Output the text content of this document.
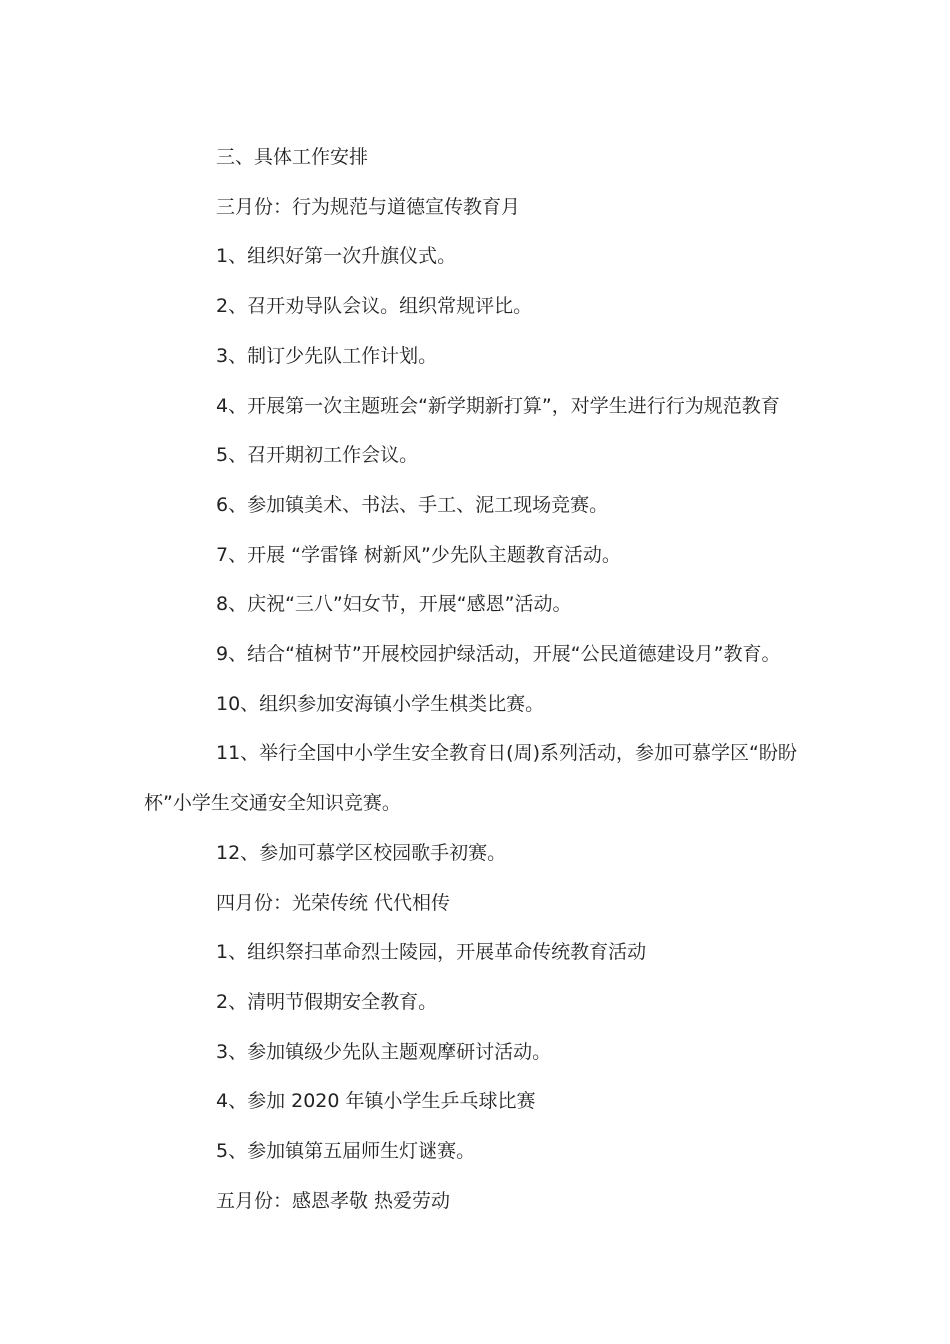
三、具体工作安排

三月份：行为规范与道德宣传教育月

1、组织好第一次升旗仪式。

2、召开劝导队会议。组织常规评比。

3、制订少先队工作计划。

4、开展第一次主题班会“新学期新打算”，对学生进行行为规范教育

5、召开期初工作会议。

6、参加镇美术、书法、手工、泥工现场竞赛。

7、开展 “学雷锋 树新风”少先队主题教育活动。

8、庆祝“三八”妇女节，开展“感恩”活动。

9、结合“植树节”开展校园护绿活动，开展“公民道德建设月”教育。

10、组织参加安海镇小学生棋类比赛。

11、举行全国中小学生安全教育日(周)系列活动，参加可慕学区“盼盼杯”小学生交通安全知识竞赛。

12、参加可慕学区校园歌手初赛。

四月份：光荣传统 代代相传

1、组织祭扫革命烈士陵园，开展革命传统教育活动

2、清明节假期安全教育。

3、参加镇级少先队主题观摩研讨活动。

4、参加 2020 年镇小学生乒乓球比赛

5、参加镇第五届师生灯谜赛。

五月份：感恩孝敬 热爱劳动
